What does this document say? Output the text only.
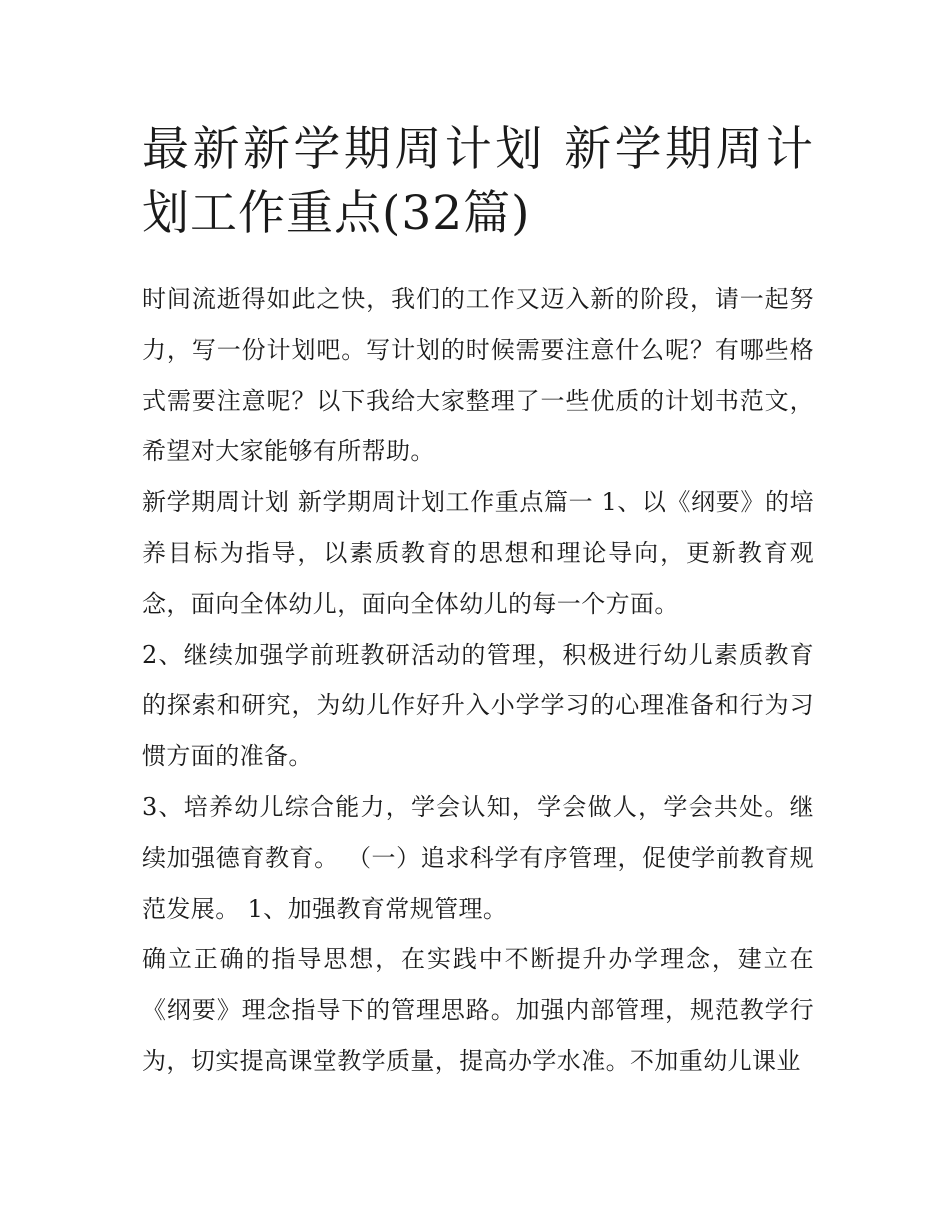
最新新学期周计划 新学期周计划工作重点(32篇)

时间流逝得如此之快，我们的工作又迈入新的阶段，请一起努力，写一份计划吧。写计划的时候需要注意什么呢？有哪些格式需要注意呢？以下我给大家整理了一些优质的计划书范文，希望对大家能够有所帮助。

新学期周计划 新学期周计划工作重点篇一 1、以《纲要》的培养目标为指导，以素质教育的思想和理论导向，更新教育观念，面向全体幼儿，面向全体幼儿的每一个方面。

2、继续加强学前班教研活动的管理，积极进行幼儿素质教育的探索和研究，为幼儿作好升入小学学习的心理准备和行为习惯方面的准备。

3、培养幼儿综合能力，学会认知，学会做人，学会共处。继续加强德育教育。 （一）追求科学有序管理，促使学前教育规范发展。 1、加强教育常规管理。

确立正确的指导思想，在实践中不断提升办学理念，建立在《纲要》理念指导下的管理思路。加强内部管理，规范教学行为，切实提高课堂教学质量，提高办学水准。不加重幼儿课业
